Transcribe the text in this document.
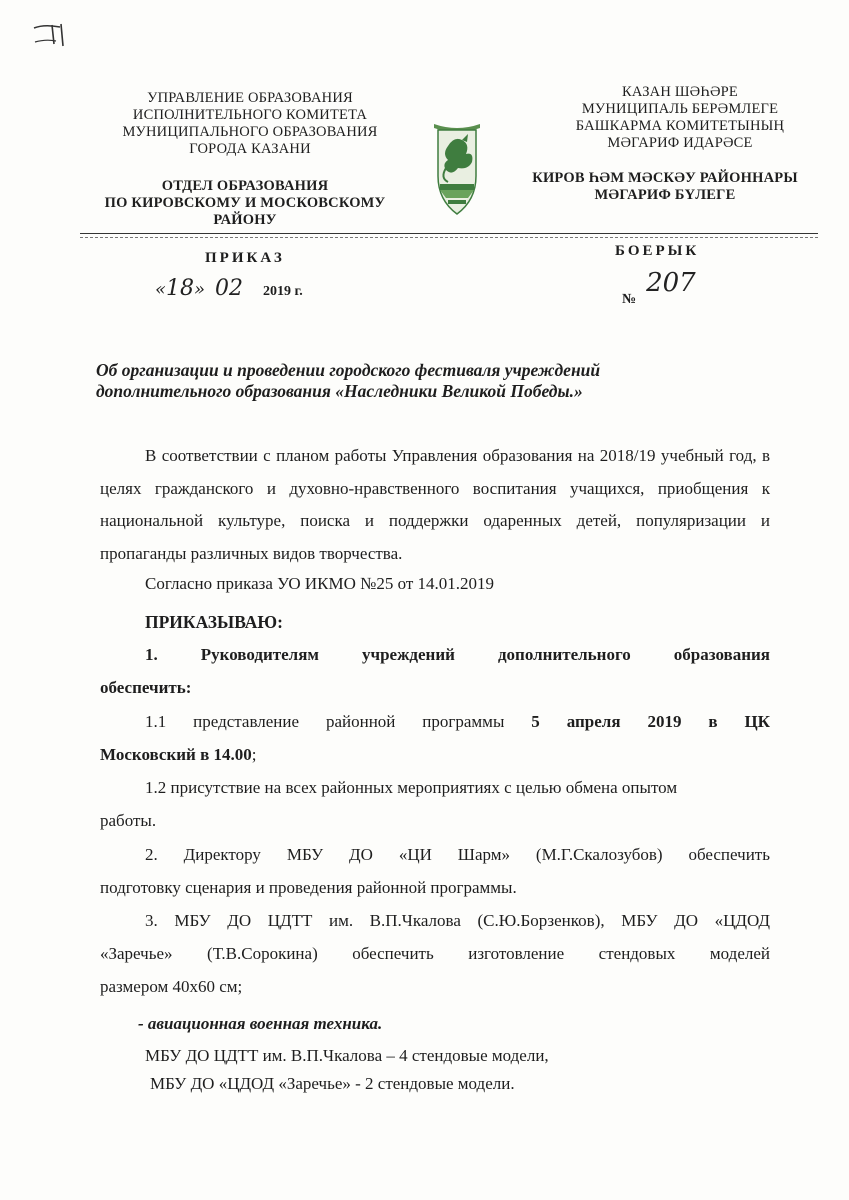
УПРАВЛЕНИЕ ОБРАЗОВАНИЯ
ИСПОЛНИТЕЛЬНОГО КОМИТЕТА
МУНИЦИПАЛЬНОГО ОБРАЗОВАНИЯ
ГОРОДА КАЗАНИ
ОТДЕЛ ОБРАЗОВАНИЯ
ПО КИРОВСКОМУ И МОСКОВСКОМУ
РАЙОНУ
КАЗАН ШӘҺӘРЕ
МУНИЦИПАЛЬ БЕРӘМЛЕГЕ
БАШКАРМА КОМИТЕТЫНЫҢ
МӘГАРИФ ИДАРӘСЕ
КИРОВ ҺӘМ МӘСКӘУ РАЙОННАРЫ
МӘГАРИФ БҮЛЕГЕ
ПРИКАЗ	БОЕРЫК
«18» 02 2019 г.
№ 207
Об организации и проведении городского фестиваля учреждений
дополнительного образования «Наследники Великой Победы.»
В соответствии с планом работы Управления образования на 2018/19 учебный год, в целях гражданского и духовно-нравственного воспитания учащихся, приобщения к национальной культуре, поиска и поддержки одаренных детей, популяризации и пропаганды различных видов творчества.
Согласно приказа УО ИКМО №25 от 14.01.2019
ПРИКАЗЫВАЮ:
1. Руководителям учреждений дополнительного образования
обеспечить:
1.1 представление районной программы 5 апреля 2019 в ЦК
Московский в 14.00;
1.2 присутствие на всех районных мероприятиях с целью обмена опытом
работы.
2. Директору МБУ ДО «ЦИ Шарм» (М.Г.Скалозубов) обеспечить
подготовку сценария и проведения районной программы.
3. МБУ ДО ЦДТТ им. В.П.Чкалова (С.Ю.Борзенков), МБУ ДО «ЦДОД
«Заречье» (Т.В.Сорокина) обеспечить изготовление стендовых моделей
размером 40х60 см;
- авиационная военная техника.
МБУ ДО ЦДТТ им. В.П.Чкалова – 4 стендовые модели,
МБУ ДО «ЦДОД «Заречье» - 2 стендовые модели.
